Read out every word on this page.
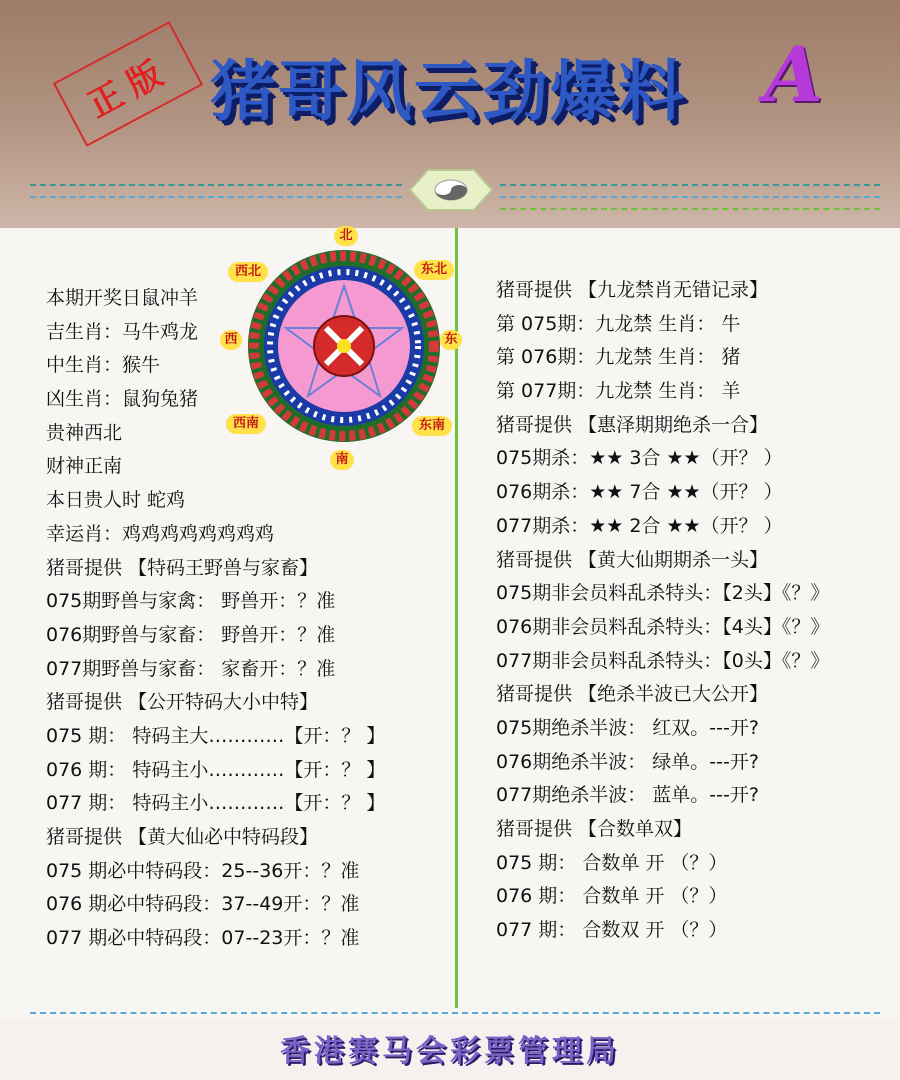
正版 猪哥风云劲爆料 A
北
东北
东
东南
南
西南
西
西北
本期开奖日鼠冲羊
吉生肖：马牛鸡龙
中生肖：猴牛
凶生肖：鼠狗兔猪
贵神西北
财神正南
本日贵人时 蛇鸡
幸运肖：鸡鸡鸡鸡鸡鸡鸡鸡
猪哥提供 【特码王野兽与家畜】
075期野兽与家禽： 野兽开：？准
076期野兽与家畜： 野兽开：？准
077期野兽与家畜： 家畜开：？准
猪哥提供 【公开特码大小中特】
075 期： 特码主大…………【开：？ 】
076 期： 特码主小…………【开：？ 】
077 期： 特码主小…………【开：？ 】
猪哥提供 【黄大仙必中特码段】
075 期必中特码段：25--36开：？准
076 期必中特码段：37--49开：？准
077 期必中特码段：07--23开：？准
猪哥提供 【九龙禁肖无错记录】
第 075期：九龙禁 生肖： 牛
第 076期：九龙禁 生肖： 猪
第 077期：九龙禁 生肖： 羊
猪哥提供 【惠泽期期绝杀一合】
075期杀：★★ 3合 ★★（开？ ）
076期杀：★★ 7合 ★★（开？ ）
077期杀：★★ 2合 ★★（开？ ）
猪哥提供 【黄大仙期期杀一头】
075期非会员料乱杀特头：【2头】《？》
076期非会员料乱杀特头：【4头】《？》
077期非会员料乱杀特头：【0头】《？》
猪哥提供 【绝杀半波已大公开】
075期绝杀半波： 红双。---开?
076期绝杀半波： 绿单。---开?
077期绝杀半波： 蓝单。---开?
猪哥提供 【合数单双】
075 期： 合数单 开 （？）
076 期： 合数单 开 （？）
077 期： 合数双 开 （？）
香港赛马会彩票管理局
